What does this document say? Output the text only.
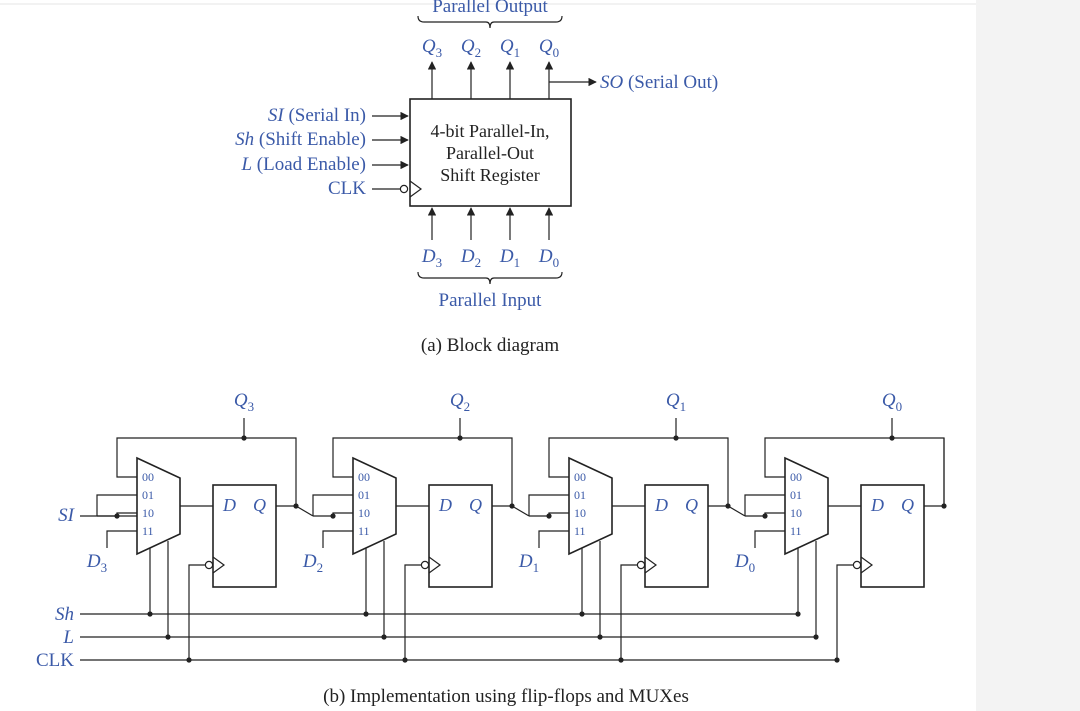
Parallel Output
$Q_3$ $Q_2$ $Q_1$ $Q_0$
SO (Serial Out)
4-bit Parallel-In,
Parallel-Out
Shift Register
SI (Serial In)
Sh (Shift Enable)
L (Load Enable)
CLK
$D_3$ $D_2$ $D_1$ $D_0$
Parallel Input
(a) Block diagram
Sh
L
CLK
SI
00
01
10
11
D Q
$Q_3$
$D_3$
00
01
10
11
D Q
$Q_2$
$D_2$
00
01
10
11
D Q
$Q_1$
$D_1$
00
01
10
11
D Q
$Q_0$
$D_0$
(b) Implementation using flip-flops and MUXes
